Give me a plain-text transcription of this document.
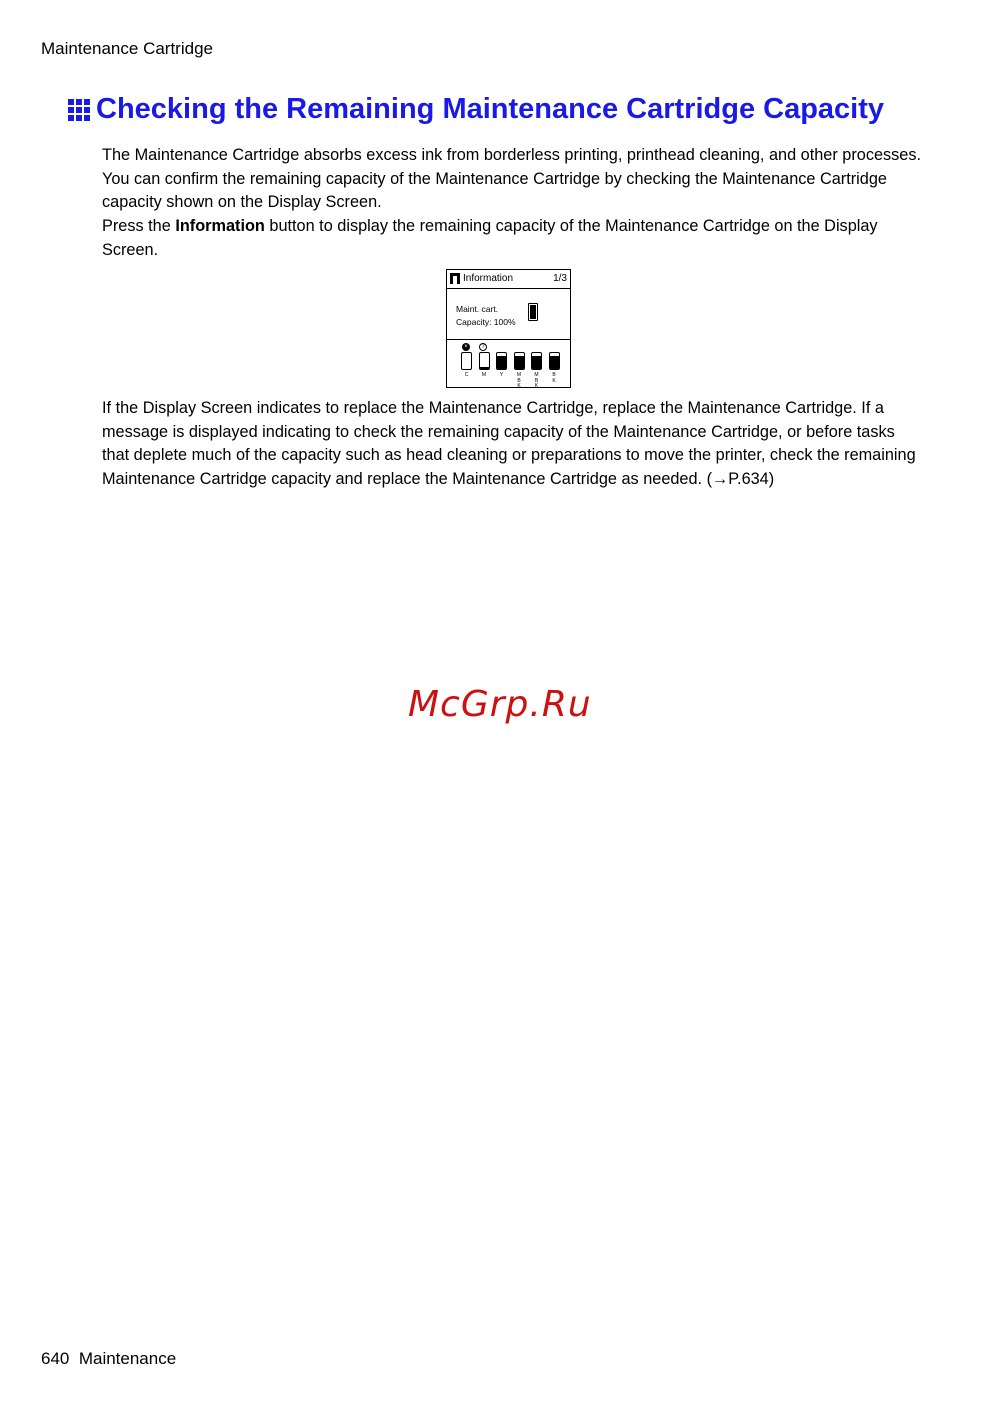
Maintenance Cartridge
Checking the Remaining Maintenance Cartridge Capacity

The Maintenance Cartridge absorbs excess ink from borderless printing, printhead cleaning, and other processes. You can confirm the remaining capacity of the Maintenance Cartridge by checking the Maintenance Cartridge capacity shown on the Display Screen.

Press the Information button to display the remaining capacity of the Maintenance Cartridge on the Display Screen.

Information	1/3
Maint. cart.
Capacity: 100%
×	?
C	M	Y	M
B
K
M
B
K
B
K

If the Display Screen indicates to replace the Maintenance Cartridge, replace the Maintenance Cartridge. If a message is displayed indicating to check the remaining capacity of the Maintenance Cartridge, or before tasks that deplete much of the capacity such as head cleaning or preparations to move the printer, check the remaining Maintenance Cartridge capacity and replace the Maintenance Cartridge as needed. (→P.634)

McGrp.Ru
640 Maintenance
